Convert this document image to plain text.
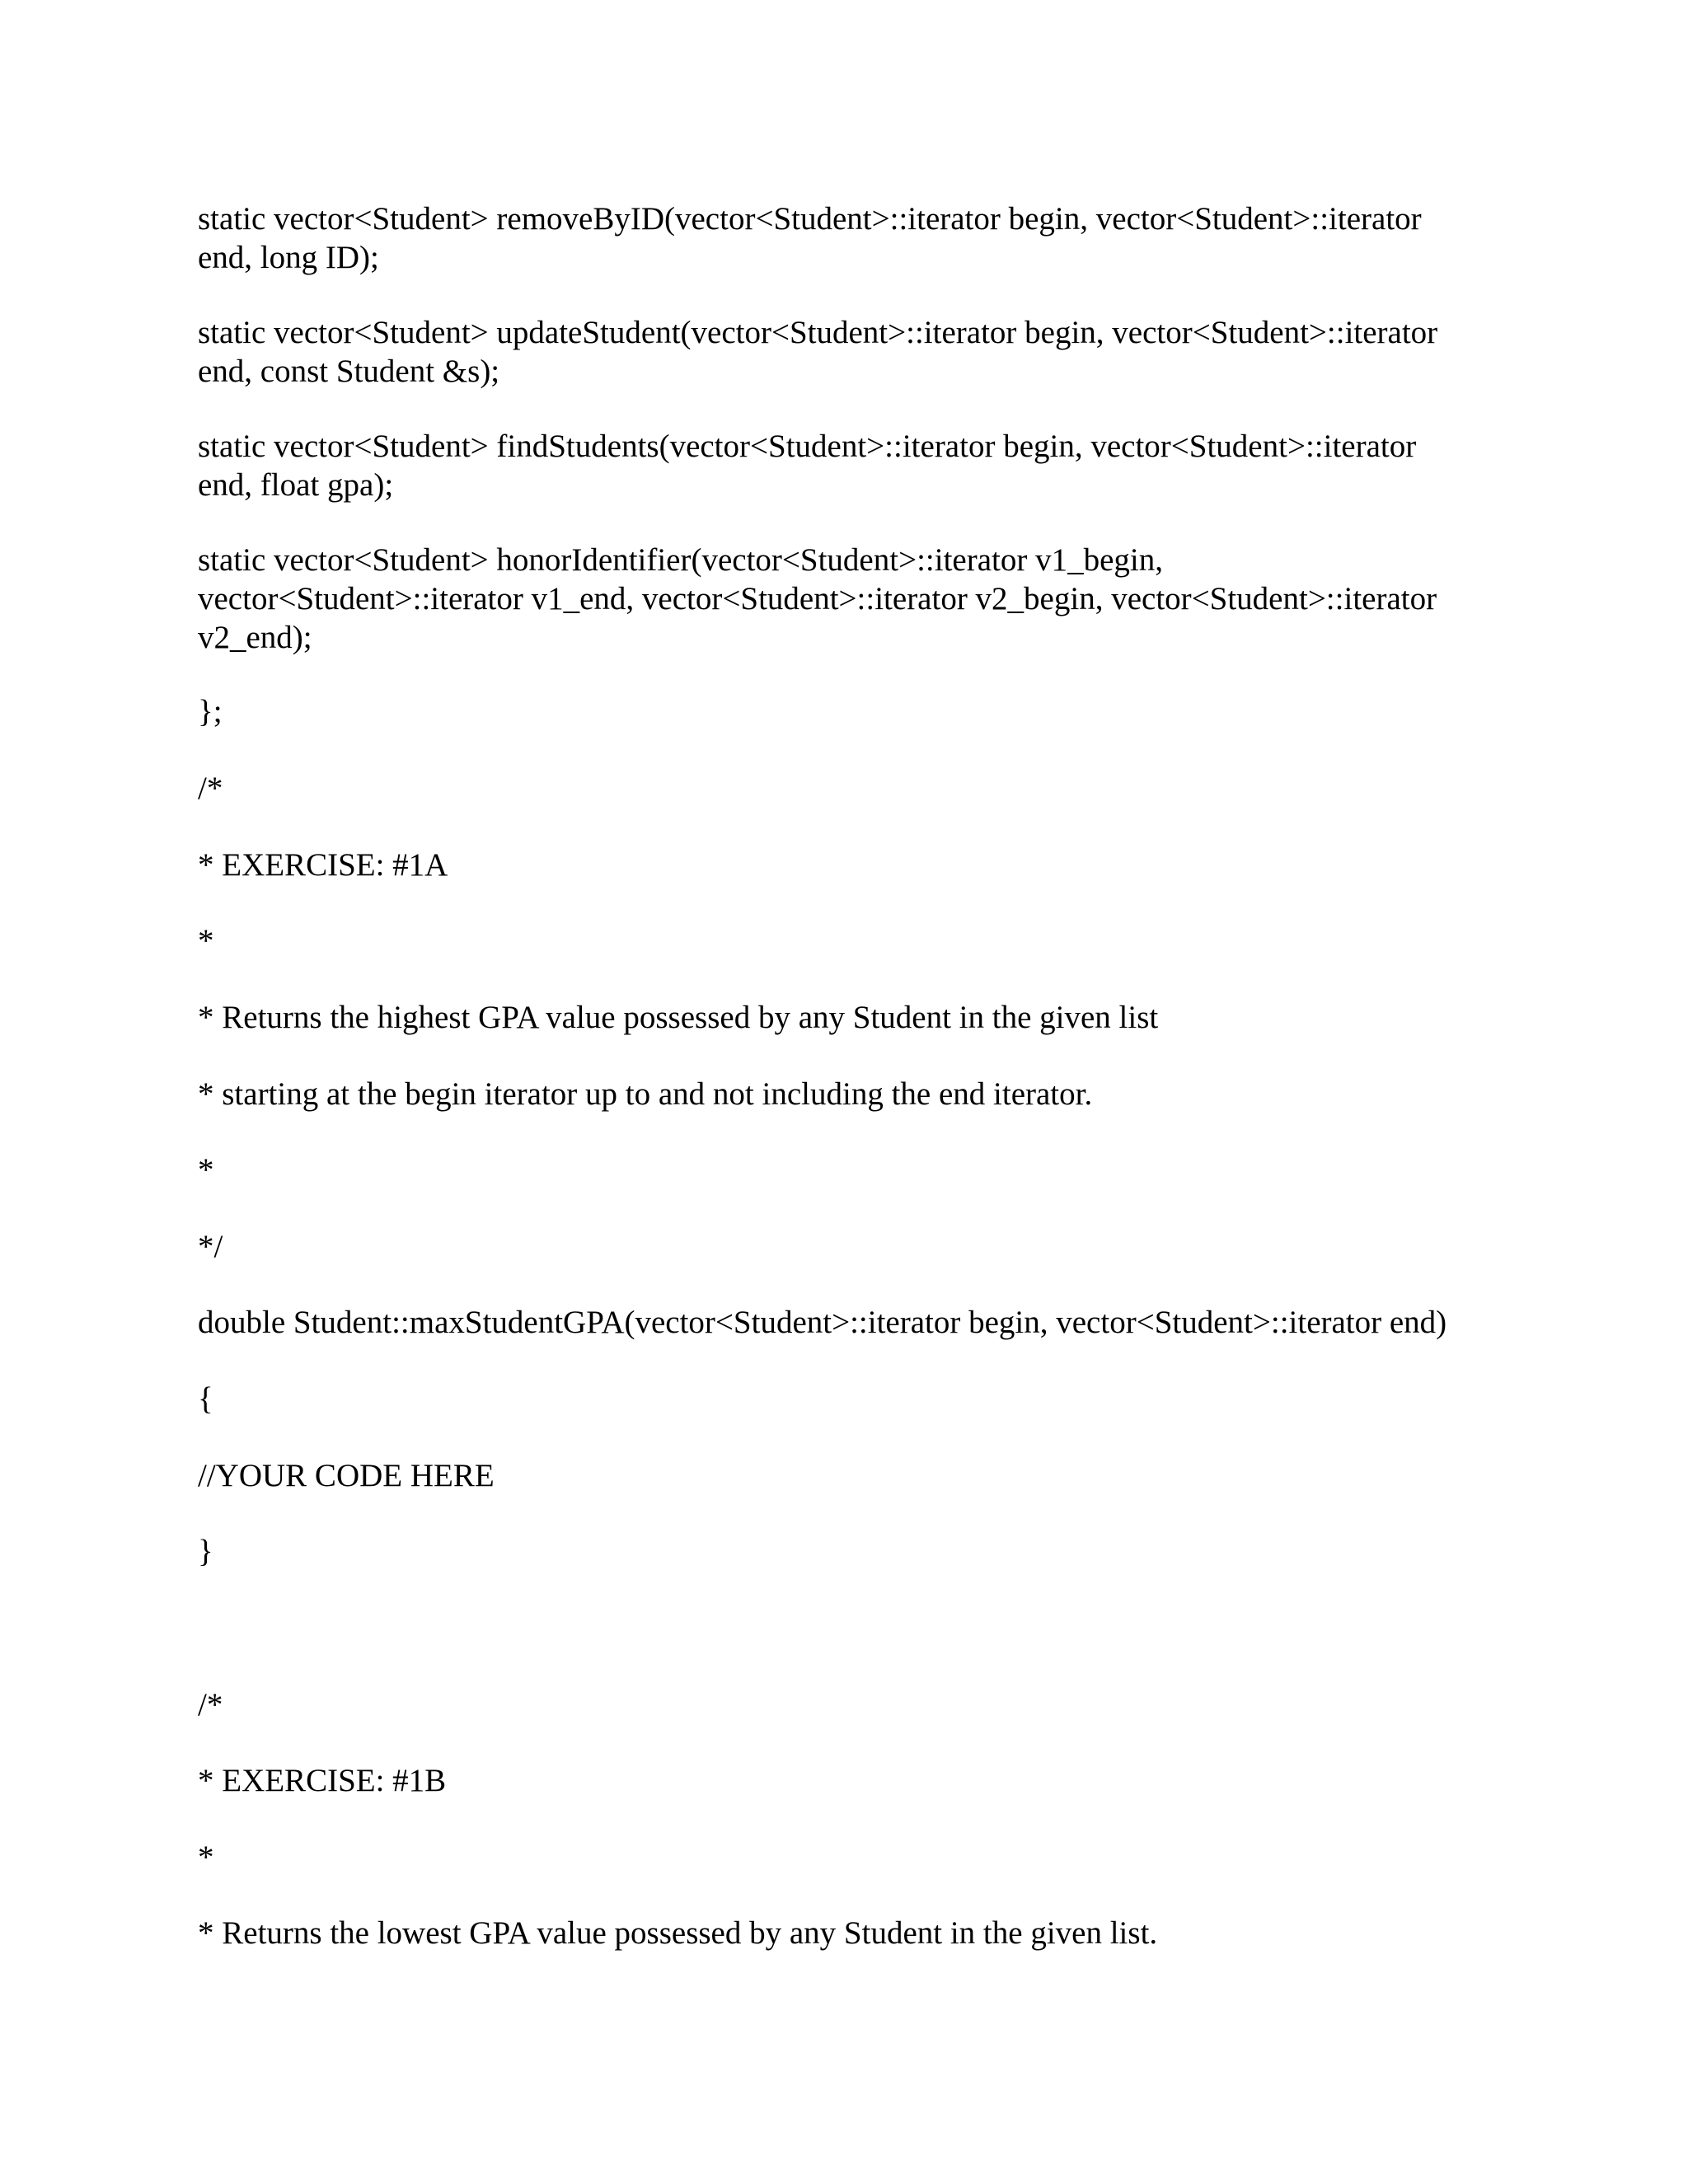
static vector<Student> removeByID(vector<Student>::iterator begin, vector<Student>::iterator

end, long ID);

static vector<Student> updateStudent(vector<Student>::iterator begin, vector<Student>::iterator

end, const Student &s);

static vector<Student> findStudents(vector<Student>::iterator begin, vector<Student>::iterator

end, float gpa);

static vector<Student> honorIdentifier(vector<Student>::iterator v1_begin,

vector<Student>::iterator v1_end, vector<Student>::iterator v2_begin, vector<Student>::iterator

v2_end);

};

/*

* EXERCISE: #1A

*

* Returns the highest GPA value possessed by any Student in the given list

* starting at the begin iterator up to and not including the end iterator.

*

*/

double Student::maxStudentGPA(vector<Student>::iterator begin, vector<Student>::iterator end)

{

//YOUR CODE HERE

}

/*

* EXERCISE: #1B

*

* Returns the lowest GPA value possessed by any Student in the given list.
